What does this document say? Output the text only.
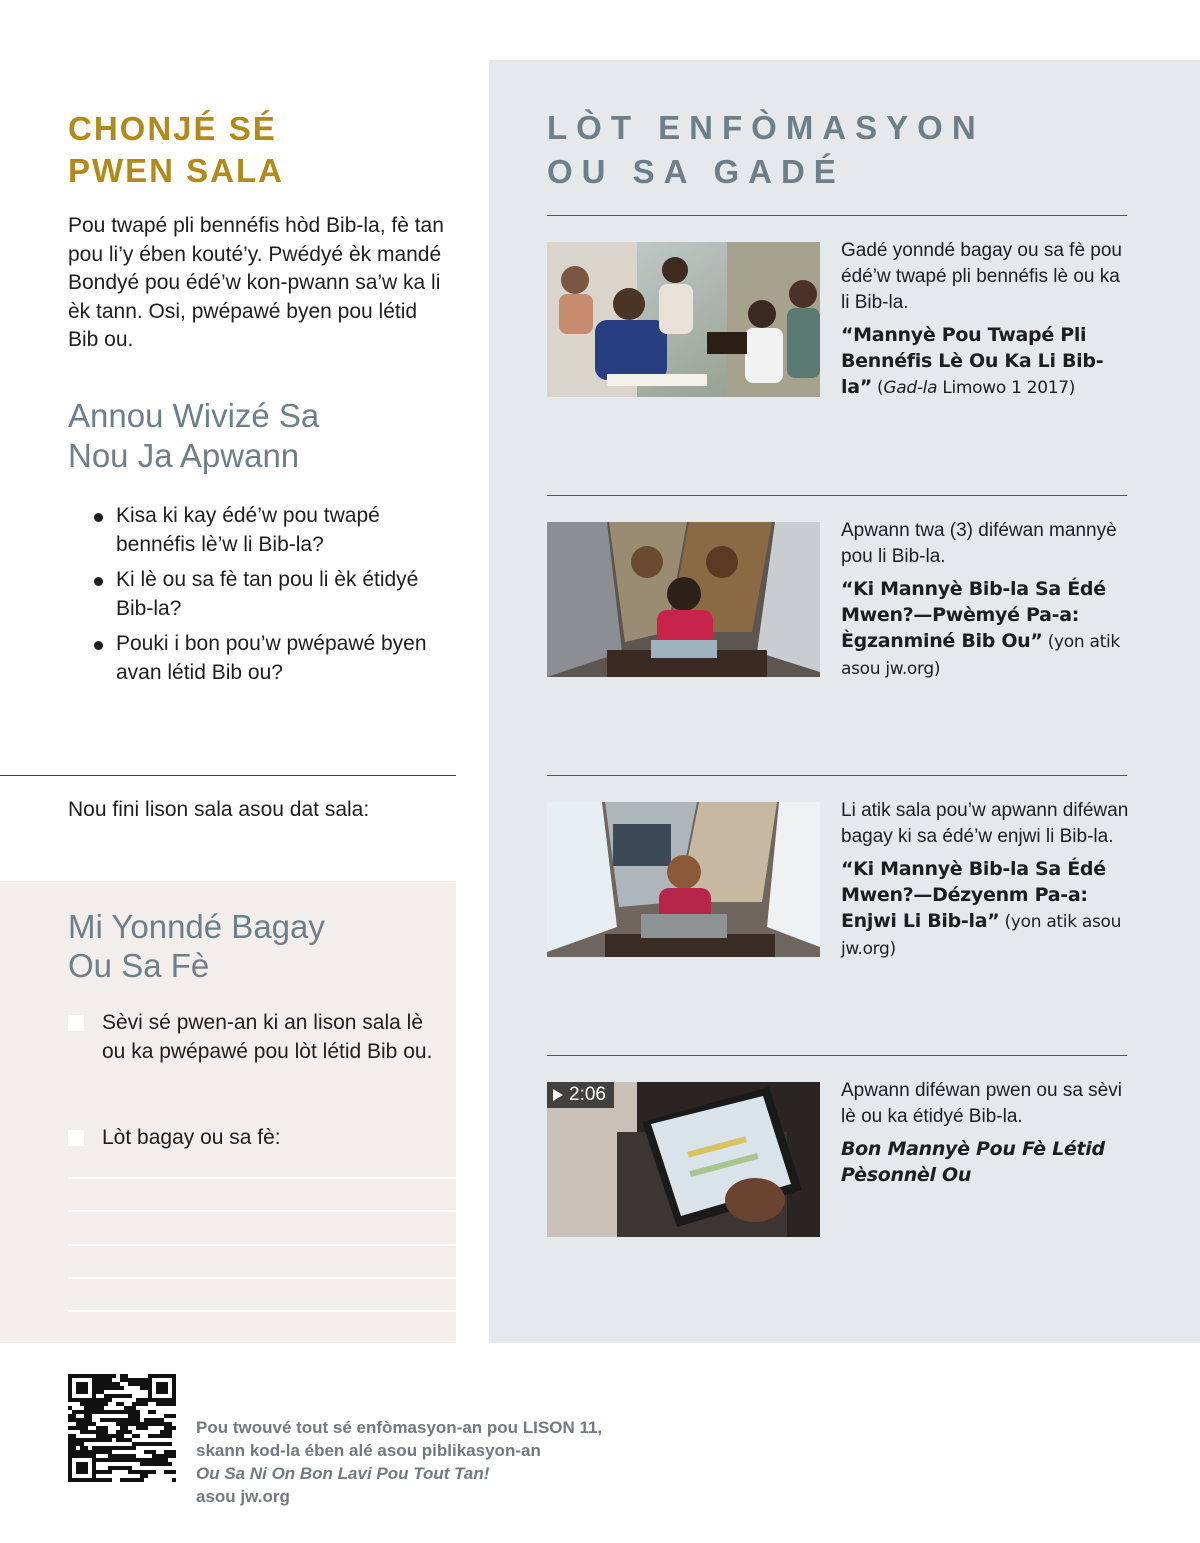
CHONJÉ SÉ
PWEN SALA

Pou twapé pli bennéfis hòd Bib-la, fè tan pou li’y ében kouté’y. Pwédyé èk mandé Bondyé pou édé’w kon-pwann sa’w ka li èk tann. Osi, pwépawé byen pou létid Bib ou.

Annou Wivizé Sa
Nou Ja Apwann
Kisa ki kay édé’w pou twapé bennéfis lè’w li Bib-la?
Ki lè ou sa fè tan pou li èk étidyé Bib-la?
Pouki i bon pou’w pwépawé byen avan létid Bib ou?

Nou fini lison sala asou dat sala:

Mi Yonndé Bagay
Ou Sa Fè
Sèvi sé pwen-an ki an lison sala lè ou ka pwépawé pou lòt létid Bib ou.
Lòt bagay ou sa fè:
LÒT ENFÒMASYON
OU SA GADÉ

Gadé yonndé bagay ou sa fè pou édé’w twapé pli bennéfis lè ou ka li Bib-la.

“Mannyè Pou Twapé Pli Bennéfis Lè Ou Ka Li Bib-la” (Gad-la Limowo 1 2017)

Apwann twa (3) diféwan mannyè pou li Bib-la.

“Ki Mannyè Bib-la Sa Édé Mwen?—Pwèmyé Pa-a: Ègzanminé Bib Ou” (yon atik asou jw.org)

Li atik sala pou’w apwann diféwan bagay ki sa édé’w enjwi li Bib-la.

“Ki Mannyè Bib-la Sa Édé Mwen?—Dézyenm Pa-a: Enjwi Li Bib-la” (yon atik asou jw.org)

2:06	Apwann diféwan pwen ou sa sèvi lè ou ka étidyé Bib-la.

Bon Mannyè Pou Fè Létid Pèsonnèl Ou

Pou twouvé tout sé enfòmasyon-an pou LISON 11,
skann kod-la ében alé asou piblikasyon-an
Ou Sa Ni On Bon Lavi Pou Tout Tan!
asou jw.org
